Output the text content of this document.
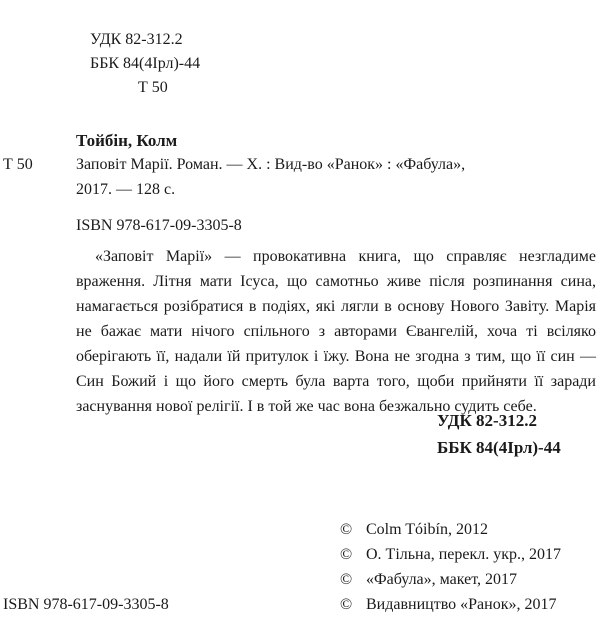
УДК 82-312.2
ББК 84(4Ірл)-44
Т 50
Тойбін, Колм
Т 50	Заповіт Марії. Роман. — Х. : Вид-во «Ранок» : «Фабула»,
2017. — 128 с.
ISBN 978-617-09-3305-8
«Заповіт Марії» — провокативна книга, що справляє незгладиме враження. Літня мати Ісуса, що самотньо живе після розпинання сина, намагається розібратися в подіях, які лягли в основу Нового Завіту. Марія не бажає мати нічого спільного з авторами Євангелій, хоча ті всіляко оберігають її, надали їй притулок і їжу. Вона не згодна з тим, що її син — Син Божий і що його смерть була варта того, щоби прийняти її заради заснування нової релігії. І в той же час вона безжально судить себе.
УДК 82-312.2
ББК 84(4Ірл)-44
ISBN 978-617-09-3305-8
© Colm Tóibín, 2012
© О. Тільна, перекл. укр., 2017
© «Фабула», макет, 2017
© Видавництво «Ранок», 2017
